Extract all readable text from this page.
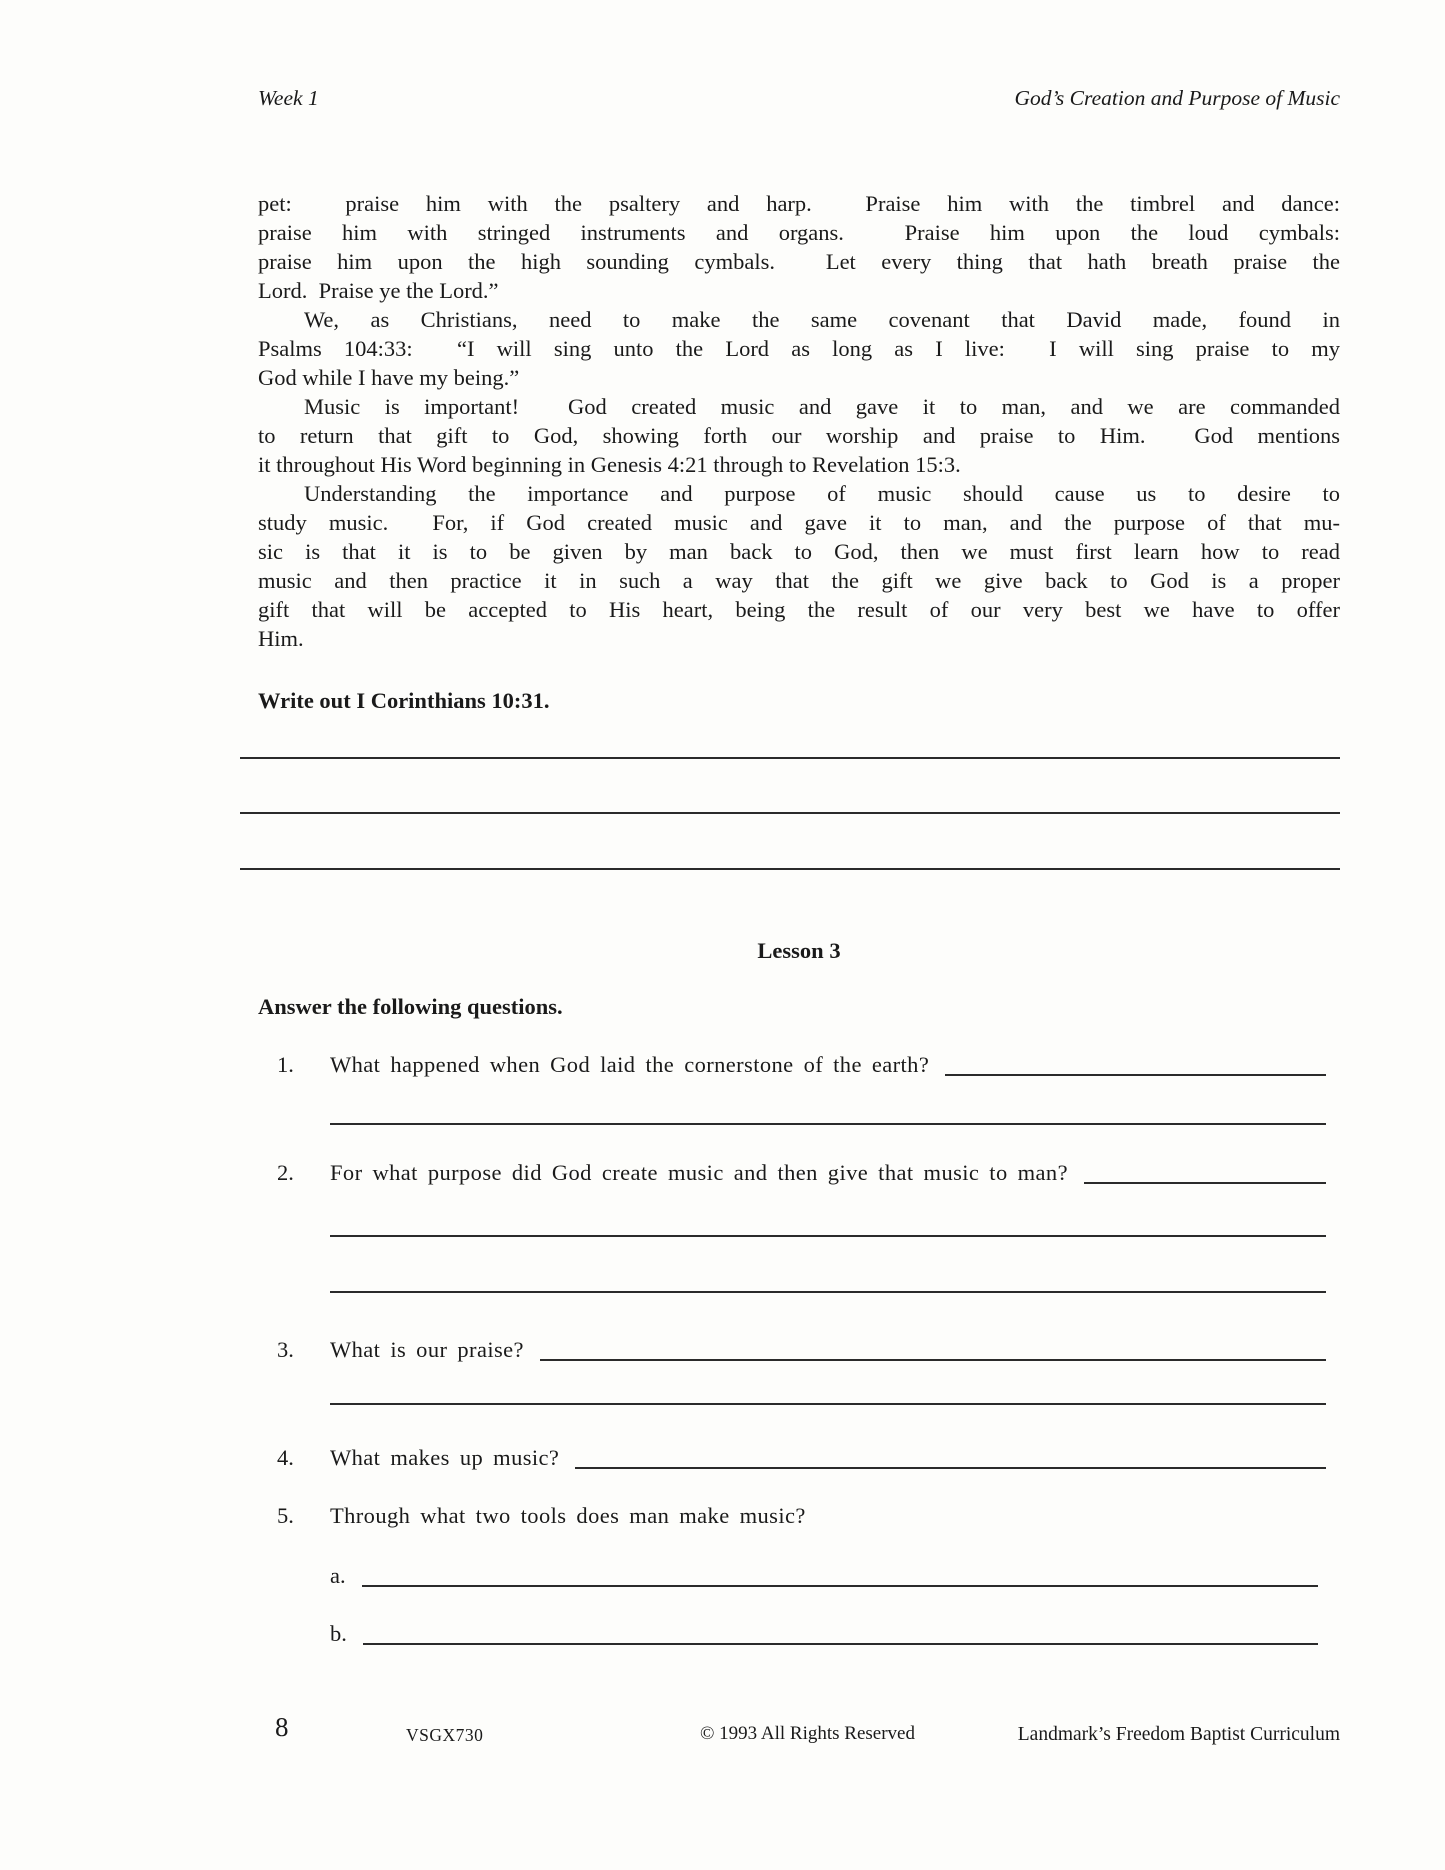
Week 1	God’s Creation and Purpose of Music
pet:  praise him with the psaltery and harp.  Praise him with the timbrel and dance:
praise him with stringed instruments and organs.  Praise him upon the loud cymbals:
praise him upon the high sounding cymbals.  Let every thing that hath breath praise the
Lord.  Praise ye the Lord.”
We, as Christians, need to make the same covenant that David made, found in
Psalms 104:33:  “I will sing unto the Lord as long as I live:  I will sing praise to my
God while I have my being.”
Music is important!  God created music and gave it to man, and we are commanded
to return that gift to God, showing forth our worship and praise to Him.  God mentions
it throughout His Word beginning in Genesis 4:21 through to Revelation 15:3.
Understanding the importance and purpose of music should cause us to desire to
study music.  For, if God created music and gave it to man, and the purpose of that mu-
sic is that it is to be given by man back to God, then we must first learn how to read
music and then practice it in such a way that the gift we give back to God is a proper
gift that will be accepted to His heart, being the result of our very best we have to offer
Him.
Write out I Corinthians 10:31.
Lesson 3
Answer the following questions.
1.	What happened when God laid the cornerstone of the earth?
2.	For what purpose did God create music and then give that music to man?
3.	What is our praise?
4.	What makes up music?
5.	Through what two tools does man make music?
a.
b.
8	VSGX730	© 1993 All Rights Reserved	Landmark’s Freedom Baptist Curriculum
